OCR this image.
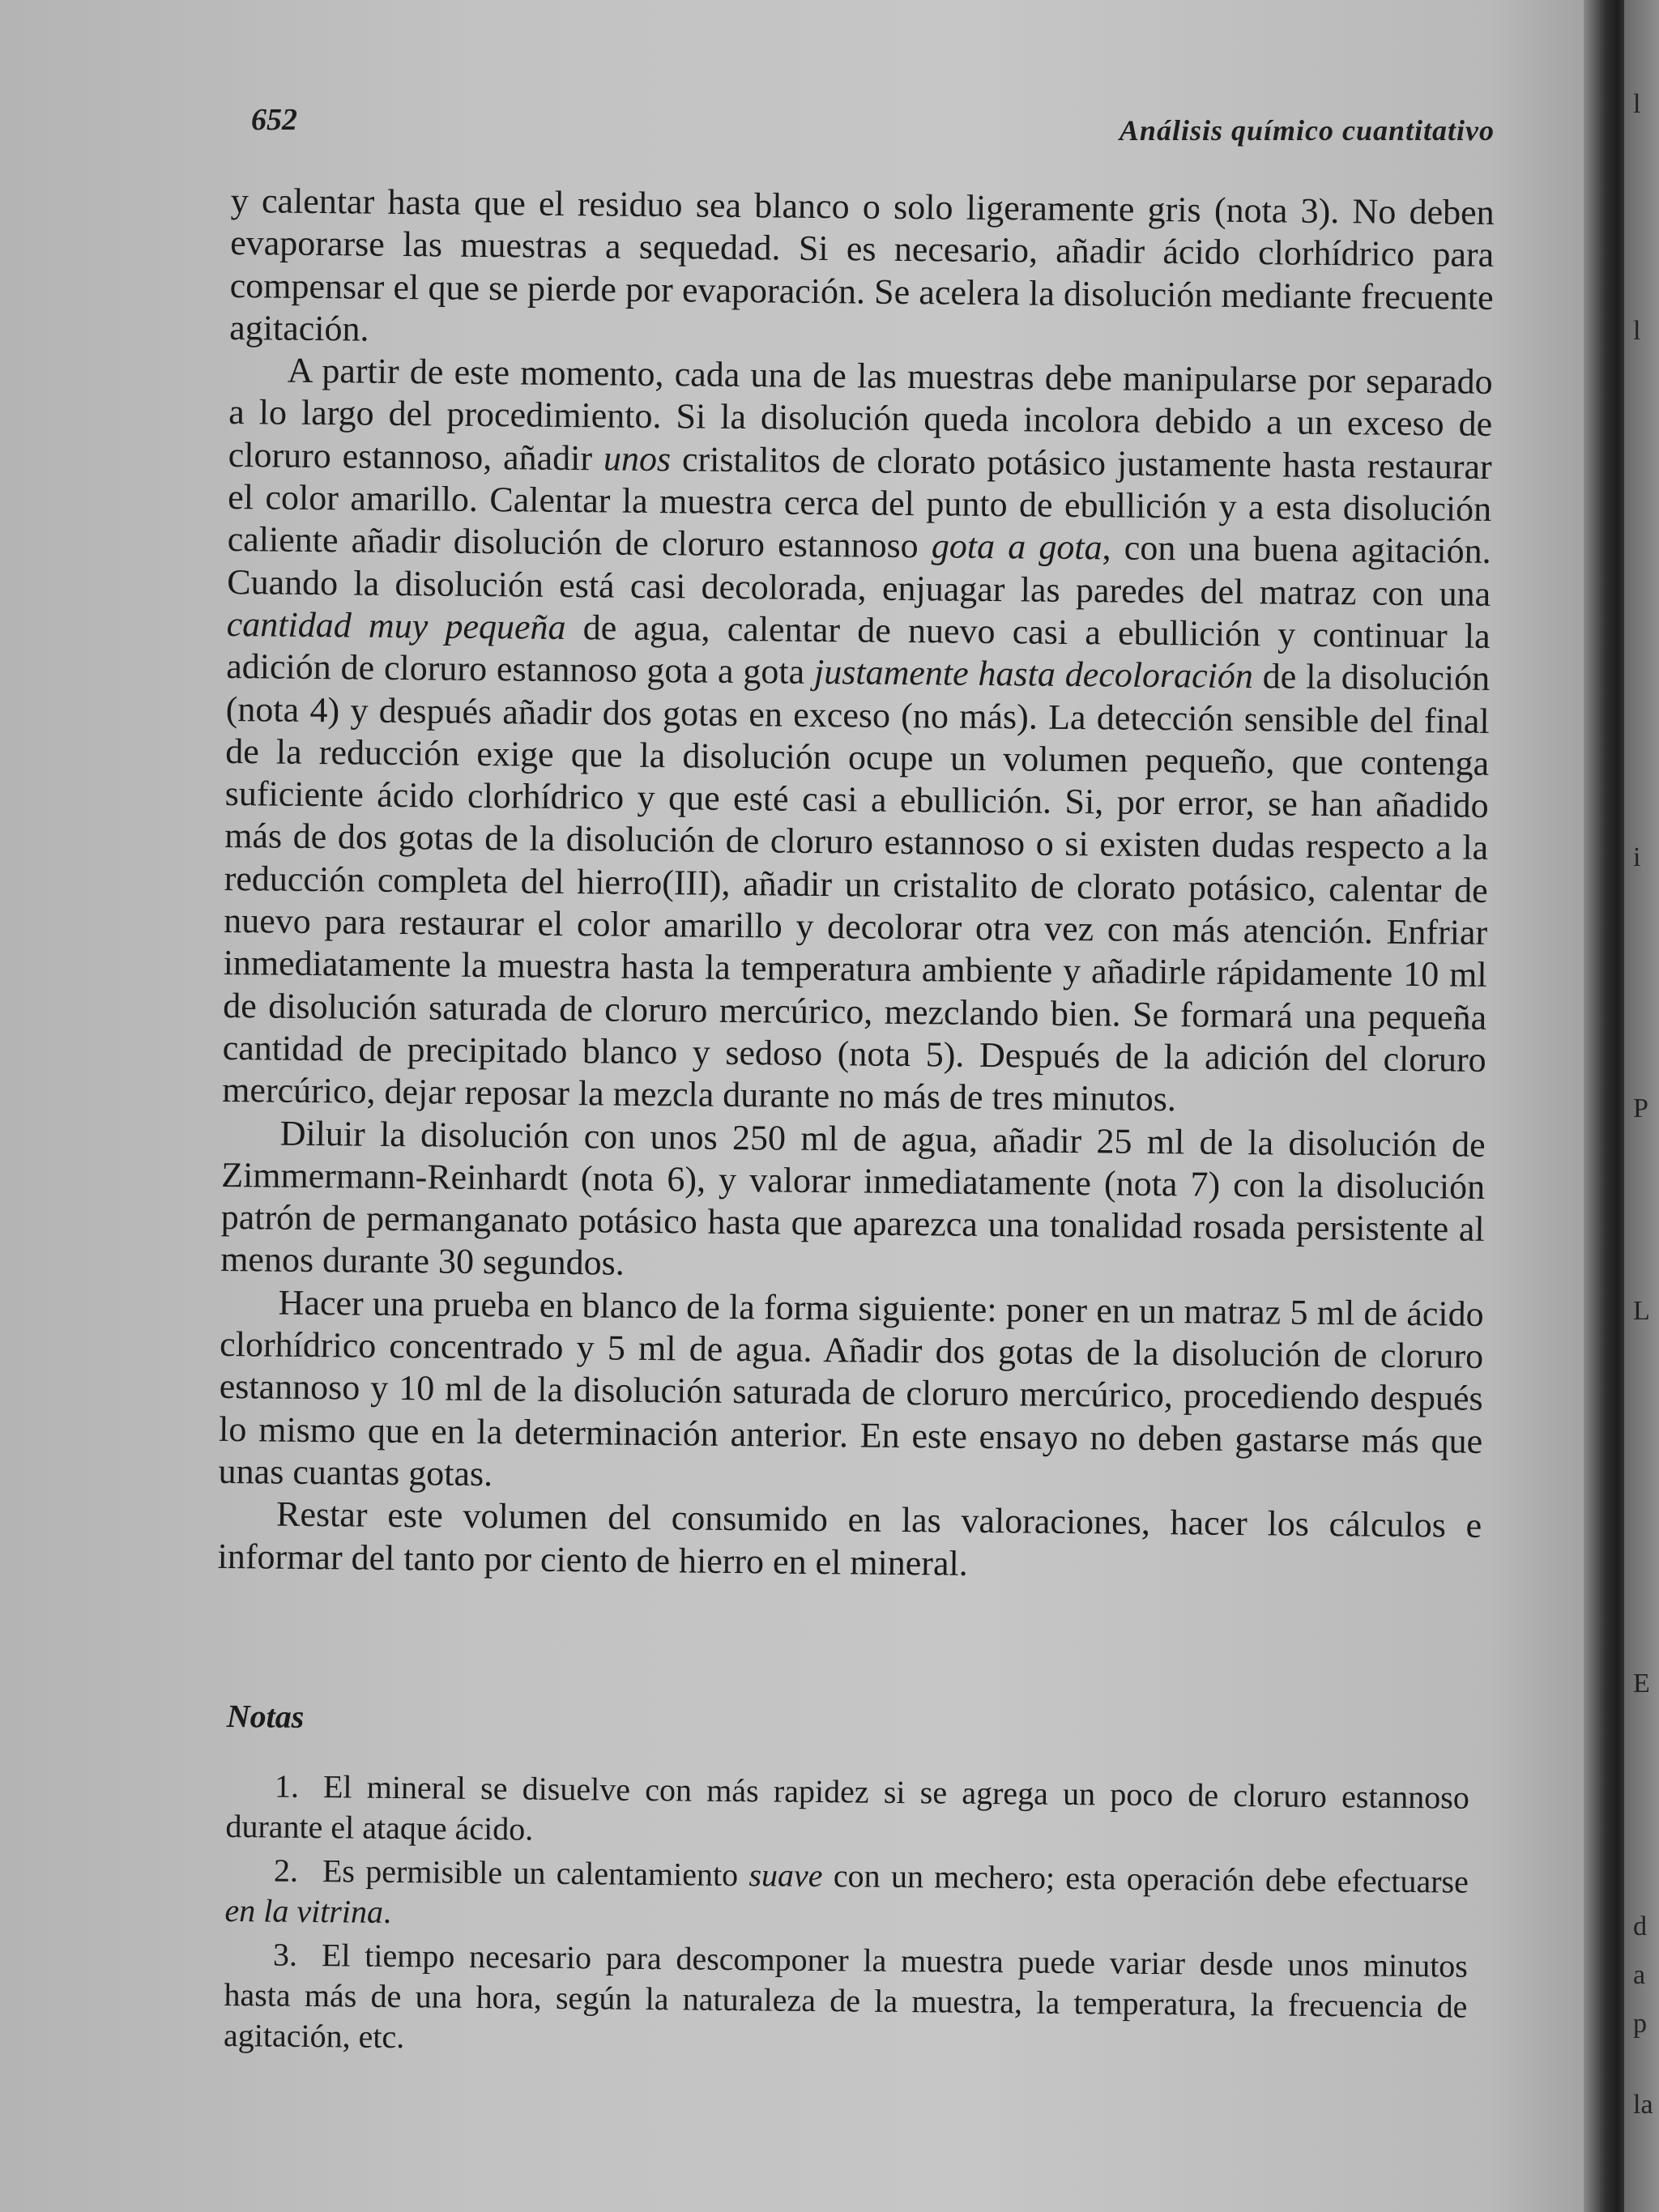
652	Análisis químico cuantitativo

y calentar hasta que el residuo sea blanco o solo ligeramente gris (nota 3). No deben evaporarse las muestras a sequedad. Si es necesario, añadir ácido clorhídrico para compensar el que se pierde por evaporación. Se acelera la disolución mediante frecuente agitación.

A partir de este momento, cada una de las muestras debe manipularse por separado a lo largo del procedimiento. Si la disolución queda incolora debido a un exceso de cloruro estannoso, añadir unos cristalitos de clorato potásico justamente hasta restaurar el color amarillo. Calentar la muestra cerca del punto de ebullición y a esta disolución caliente añadir disolución de cloruro estannoso gota a gota, con una buena agitación. Cuando la disolución está casi decolorada, enjuagar las paredes del matraz con una cantidad muy pequeña de agua, calentar de nuevo casi a ebullición y continuar la adición de cloruro estannoso gota a gota justamente hasta decoloración de la disolución (nota 4) y después añadir dos gotas en exceso (no más). La detección sensible del final de la reducción exige que la disolución ocupe un volumen pequeño, que contenga suficiente ácido clorhídrico y que esté casi a ebullición. Si, por error, se han añadido más de dos gotas de la disolución de cloruro estannoso o si existen dudas respecto a la reducción completa del hierro(III), añadir un cristalito de clorato potásico, calentar de nuevo para restaurar el color amarillo y decolorar otra vez con más atención. Enfriar inmediatamente la muestra hasta la temperatura ambiente y añadirle rápidamente 10 ml de disolución saturada de cloruro mercúrico, mezclando bien. Se formará una pequeña cantidad de precipitado blanco y sedoso (nota 5). Después de la adición del cloruro mercúrico, dejar reposar la mezcla durante no más de tres minutos.

Diluir la disolución con unos 250 ml de agua, añadir 25 ml de la disolución de Zimmermann-Reinhardt (nota 6), y valorar inmediatamente (nota 7) con la disolución patrón de permanganato potásico hasta que aparezca una tonalidad rosada persistente al menos durante 30 segundos.

Hacer una prueba en blanco de la forma siguiente: poner en un matraz 5 ml de ácido clorhídrico concentrado y 5 ml de agua. Añadir dos gotas de la disolución de cloruro estannoso y 10 ml de la disolución saturada de cloruro mercúrico, procediendo después lo mismo que en la determinación anterior. En este ensayo no deben gastarse más que unas cuantas gotas.

Restar este volumen del consumido en las valoraciones, hacer los cálculos e informar del tanto por ciento de hierro en el mineral.

Notas

1. El mineral se disuelve con más rapidez si se agrega un poco de cloruro estannoso durante el ataque ácido.

2. Es permisible un calentamiento suave con un mechero; esta operación debe efectuarse en la vitrina.

3. El tiempo necesario para descomponer la muestra puede variar desde unos minutos hasta más de una hora, según la naturaleza de la muestra, la temperatura, la frecuencia de agitación, etc.

l
l
i
P
L
E
d
a
p
la
